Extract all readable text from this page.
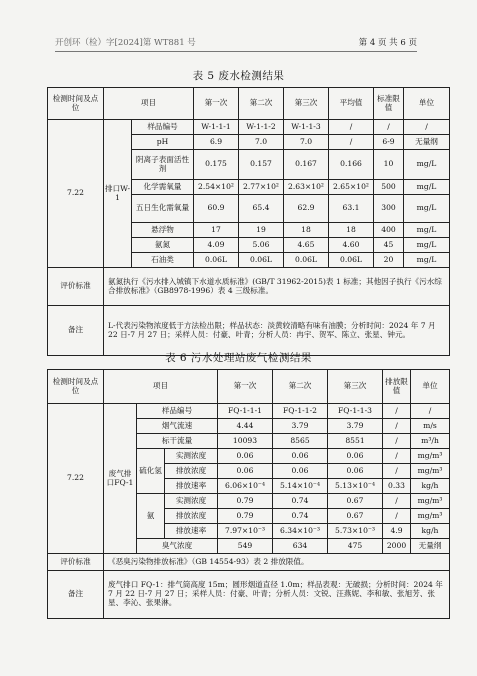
开创环（检）字[2024]第 WT881 号	第 4 页 共 6 页
表 5 废水检测结果
检测时间及点位	项目		第一次	第二次	第三次	平均值	标准限值	单位
7.22	排口W-1	样品编号	W-1-1-1	W-1-1-2	W-1-1-3	/	/	/
		pH	6.9	7.0	7.0	/	6-9	无量纲
		阴离子表面活性剂	0.175	0.157	0.167	0.166	10	mg/L
		化学需氧量	2.54×10²	2.77×10²	2.63×10²	2.65×10²	500	mg/L
		五日生化需氧量	60.9	65.4	62.9	63.1	300	mg/L
		悬浮物	17	19	18	18	400	mg/L
		氨氮	4.09	5.06	4.65	4.60	45	mg/L
		石油类	0.06L	0.06L	0.06L	0.06L	20	mg/L
评价标准	氨氮执行《污水排入城镇下水道水质标准》(GB/T 31962-2015)表 1 标准；其他因子执行《污水综合排放标准》（GB8978-1996）表 4 三级标准。							
备注	L-代表污染物浓度低于方法检出限；样品状态：淡黄较清略有味有油膜；分析时间：2024 年 7 月 22 日-7 月 27 日；采样人员：付豪、叶青；分析人员：冉宇、贺军、陈立、张星、钟元。							
表 6 污水处理站废气检测结果
检测时间及点位	项目			第一次	第二次	第三次	排放限值	单位
7.22	废气排口FQ-1	样品编号		FQ-1-1-1	FQ-1-1-2	FQ-1-1-3	/	/
		烟气流速		4.44	3.79	3.79	/	m/s
		标干流量		10093	8565	8551	/	m³/h
		硫化氢	实测浓度	0.06	0.06	0.06	/	mg/m³
			排放浓度	0.06	0.06	0.06	/	mg/m³
			排放速率	6.06×10⁻⁴	5.14×10⁻⁴	5.13×10⁻⁴	0.33	kg/h
		氨	实测浓度	0.79	0.74	0.67	/	mg/m³
			排放浓度	0.79	0.74	0.67	/	mg/m³
			排放速率	7.97×10⁻³	6.34×10⁻³	5.73×10⁻³	4.9	kg/h
		臭气浓度		549	634	475	2000	无量纲
评价标准	《恶臭污染物排放标准》（GB 14554-93）表 2 排放限值。							
备注	废气排口 FQ-1：排气筒高度 15m；圆形烟道直径 1.0m；样品表观：无破损；分析时间：2024 年 7 月 22 日-7 月 27 日；采样人员：付豪、叶青；分析人员：文锐、汪燕妮、李和敏、张旭芳、张星、李沁、张果淋。							
